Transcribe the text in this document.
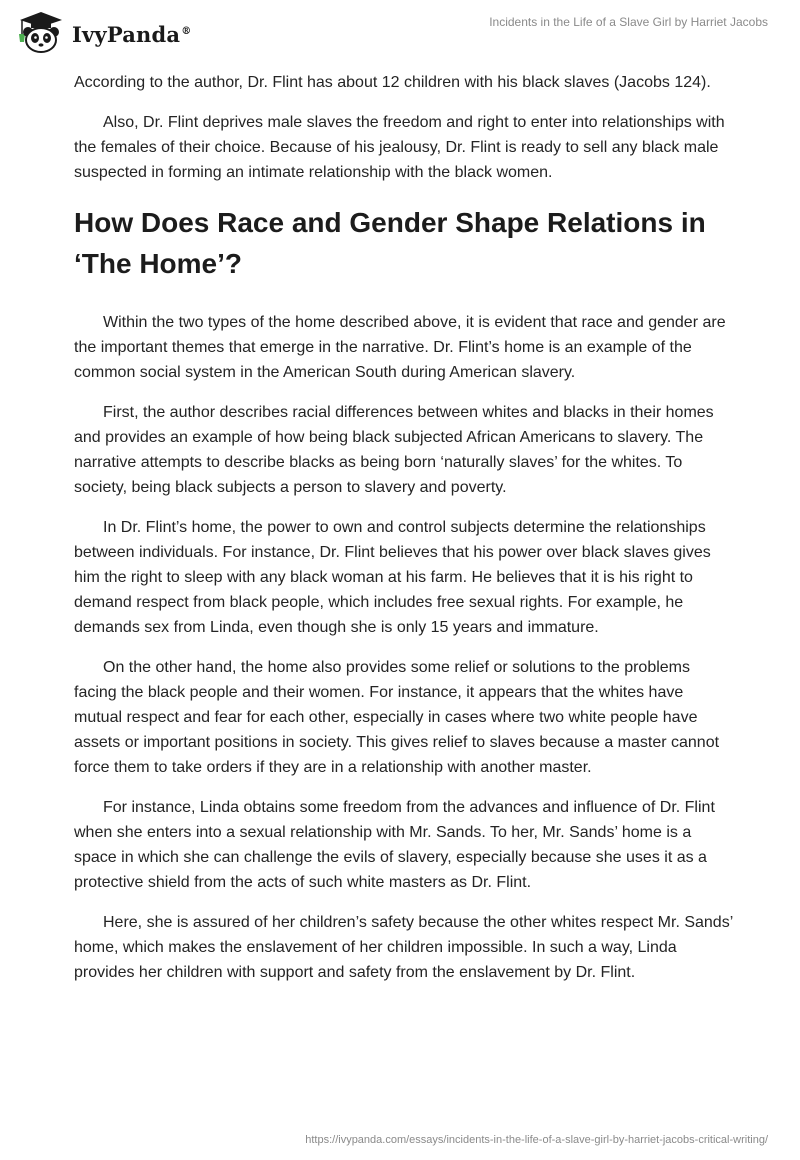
IvyPanda®
Incidents in the Life of a Slave Girl by Harriet Jacobs

According to the author, Dr. Flint has about 12 children with his black slaves (Jacobs 124).

Also, Dr. Flint deprives male slaves the freedom and right to enter into relationships with the females of their choice. Because of his jealousy, Dr. Flint is ready to sell any black male suspected in forming an intimate relationship with the black women.

How Does Race and Gender Shape Relations in ‘The Home’?

Within the two types of the home described above, it is evident that race and gender are the important themes that emerge in the narrative. Dr. Flint’s home is an example of the common social system in the American South during American slavery.

First, the author describes racial differences between whites and blacks in their homes and provides an example of how being black subjected African Americans to slavery. The narrative attempts to describe blacks as being born ‘naturally slaves’ for the whites. To society, being black subjects a person to slavery and poverty.

In Dr. Flint’s home, the power to own and control subjects determine the relationships between individuals. For instance, Dr. Flint believes that his power over black slaves gives him the right to sleep with any black woman at his farm. He believes that it is his right to demand respect from black people, which includes free sexual rights. For example, he demands sex from Linda, even though she is only 15 years and immature.

On the other hand, the home also provides some relief or solutions to the problems facing the black people and their women. For instance, it appears that the whites have mutual respect and fear for each other, especially in cases where two white people have assets or important positions in society. This gives relief to slaves because a master cannot force them to take orders if they are in a relationship with another master.

For instance, Linda obtains some freedom from the advances and influence of Dr. Flint when she enters into a sexual relationship with Mr. Sands. To her, Mr. Sands’ home is a space in which she can challenge the evils of slavery, especially because she uses it as a protective shield from the acts of such white masters as Dr. Flint.

Here, she is assured of her children’s safety because the other whites respect Mr. Sands’ home, which makes the enslavement of her children impossible. In such a way, Linda provides her children with support and safety from the enslavement by Dr. Flint.

https://ivypanda.com/essays/incidents-in-the-life-of-a-slave-girl-by-harriet-jacobs-critical-writing/
